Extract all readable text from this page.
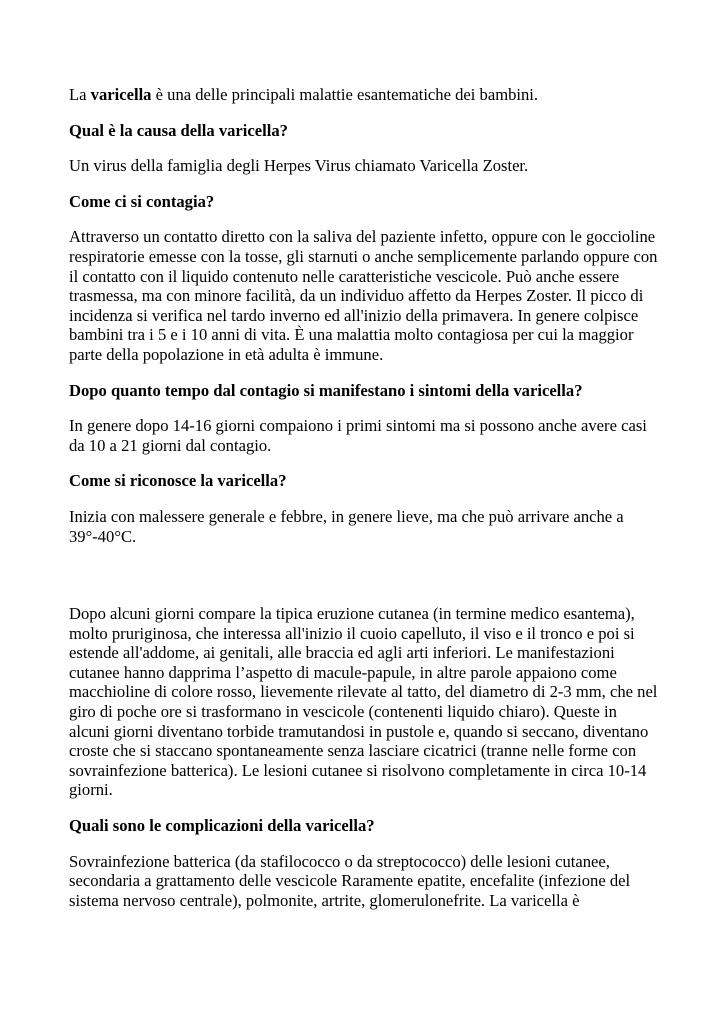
La varicella è una delle principali malattie esantematiche dei bambini.

Qual è la causa della varicella?

Un virus della famiglia degli Herpes Virus chiamato Varicella Zoster.

Come ci si contagia?

Attraverso un contatto diretto con la saliva del paziente infetto, oppure con le goccioline respiratorie emesse con la tosse, gli starnuti o anche semplicemente parlando oppure con il contatto con il liquido contenuto nelle caratteristiche vescicole. Può anche essere trasmessa, ma con minore facilità, da un individuo affetto da Herpes Zoster. Il picco di incidenza si verifica nel tardo inverno ed all'inizio della primavera. In genere colpisce bambini tra i 5 e i 10 anni di vita. È una malattia molto contagiosa per cui la maggior parte della popolazione in età adulta è immune.

Dopo quanto tempo dal contagio si manifestano i sintomi della varicella?

In genere dopo 14-16 giorni compaiono i primi sintomi ma si possono anche avere casi da 10 a 21 giorni dal contagio.

Come si riconosce la varicella?

Inizia con malessere generale e febbre, in genere lieve, ma che può arrivare anche a 39°-40°C.

Dopo alcuni giorni compare la tipica eruzione cutanea (in termine medico esantema), molto pruriginosa, che interessa all'inizio il cuoio capelluto, il viso e il tronco e poi si estende all'addome, ai genitali, alle braccia ed agli arti inferiori. Le manifestazioni cutanee hanno dapprima l’aspetto di macule-papule, in altre parole appaiono come macchioline di colore rosso, lievemente rilevate al tatto, del diametro di 2-3 mm, che nel giro di poche ore si trasformano in vescicole (contenenti liquido chiaro). Queste in alcuni giorni diventano torbide tramutandosi in pustole e, quando si seccano, diventano croste che si staccano spontaneamente senza lasciare cicatrici (tranne nelle forme con sovrainfezione batterica). Le lesioni cutanee si risolvono completamente in circa 10-14 giorni.

Quali sono le complicazioni della varicella?

Sovrainfezione batterica (da stafilococco o da streptococco) delle lesioni cutanee, secondaria a grattamento delle vescicole Raramente epatite, encefalite (infezione del sistema nervoso centrale), polmonite, artrite, glomerulonefrite. La varicella è
